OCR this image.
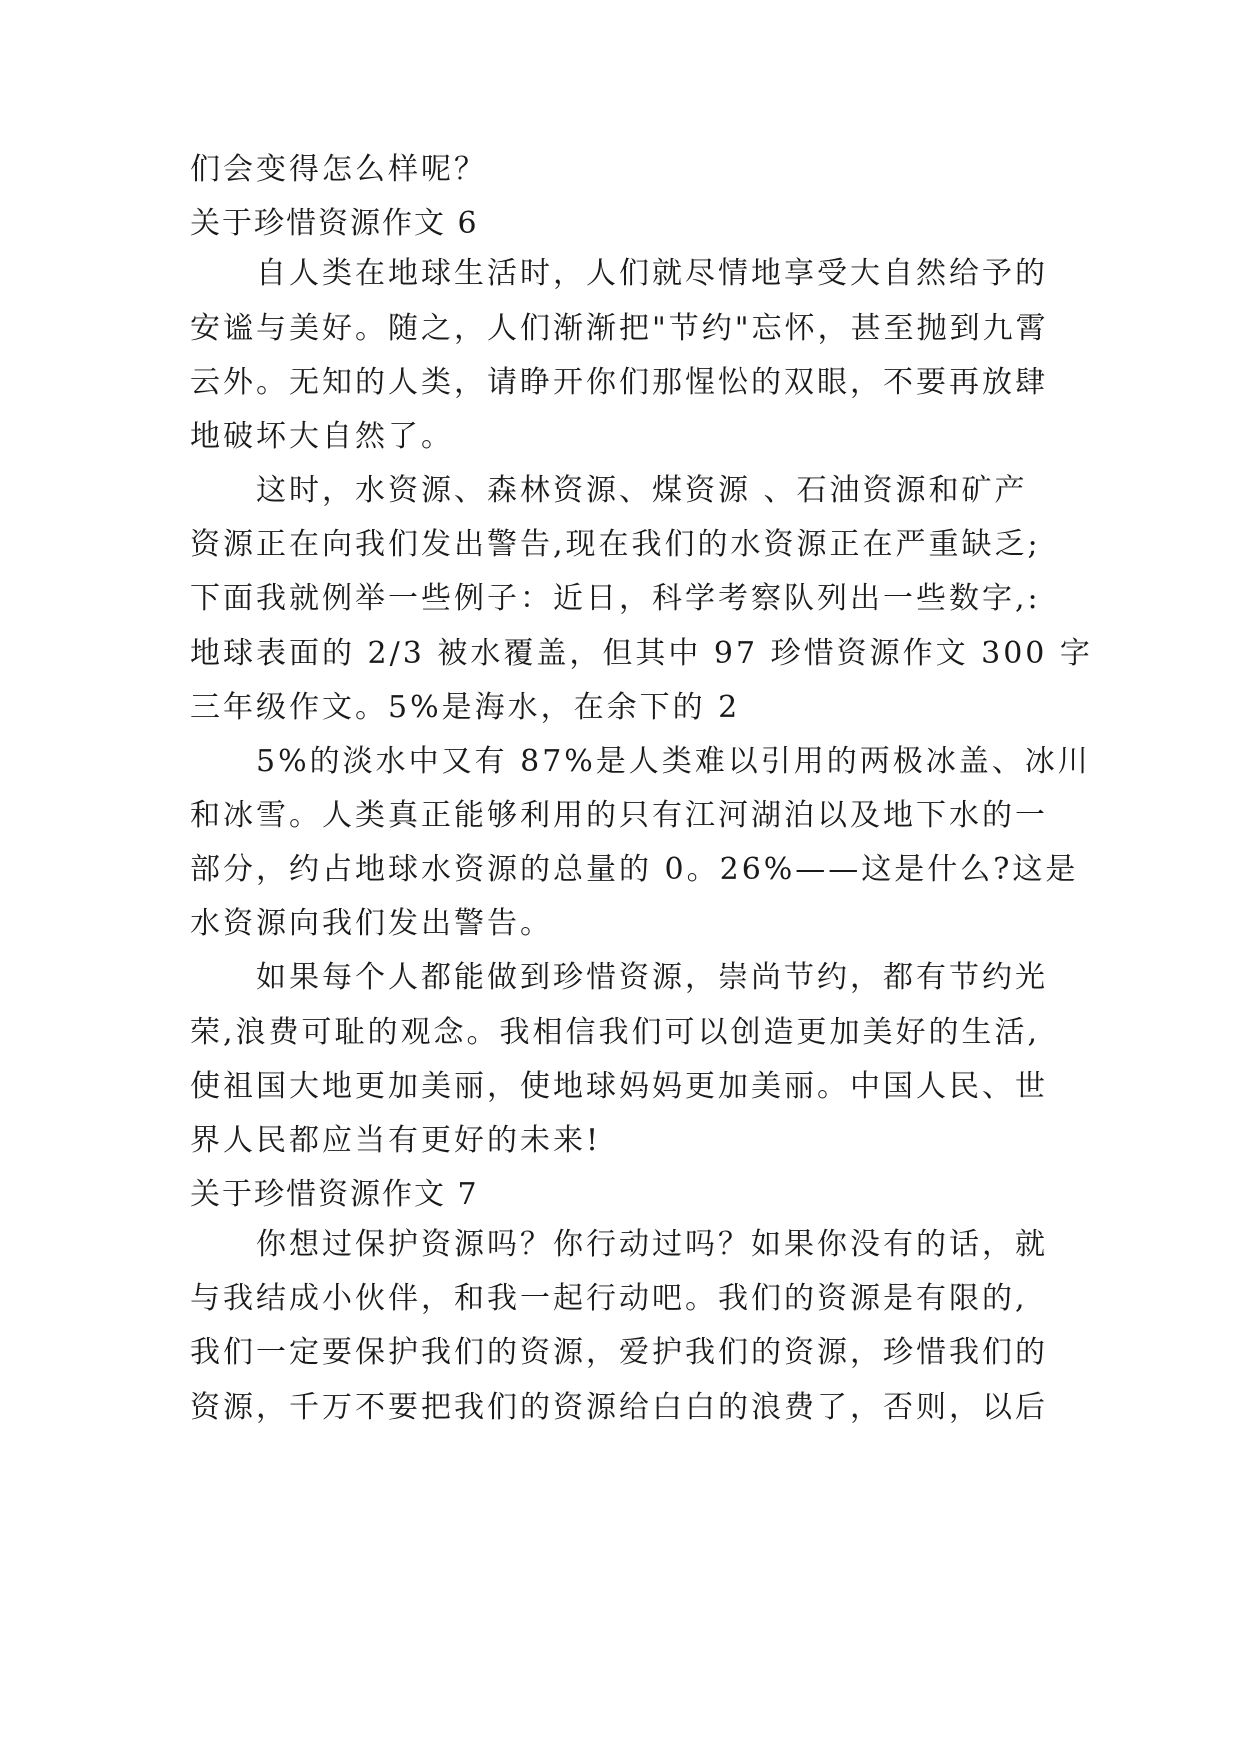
们会变得怎么样呢？
关于珍惜资源作文 6
自人类在地球生活时，人们就尽情地享受大自然给予的
安谧与美好。随之，人们渐渐把"节约"忘怀，甚至抛到九霄
云外。无知的人类，请睁开你们那惺忪的双眼，不要再放肆
地破坏大自然了。
这时，水资源、森林资源、煤资源 、石油资源和矿产
资源正在向我们发出警告,现在我们的水资源正在严重缺乏;
下面我就例举一些例子：近日，科学考察队列出一些数字,:
地球表面的 2/3 被水覆盖，但其中 97 珍惜资源作文 300 字
三年级作文。5%是海水，在余下的 2
5%的淡水中又有 87%是人类难以引用的两极冰盖、冰川
和冰雪。人类真正能够利用的只有江河湖泊以及地下水的一
部分，约占地球水资源的总量的 0。26%——这是什么?这是
水资源向我们发出警告。
如果每个人都能做到珍惜资源，崇尚节约，都有节约光
荣,浪费可耻的观念。我相信我们可以创造更加美好的生活,
使祖国大地更加美丽，使地球妈妈更加美丽。中国人民、世
界人民都应当有更好的未来!
关于珍惜资源作文 7
你想过保护资源吗？你行动过吗？如果你没有的话，就
与我结成小伙伴，和我一起行动吧。我们的资源是有限的,
我们一定要保护我们的资源，爱护我们的资源，珍惜我们的
资源，千万不要把我们的资源给白白的浪费了，否则，以后
